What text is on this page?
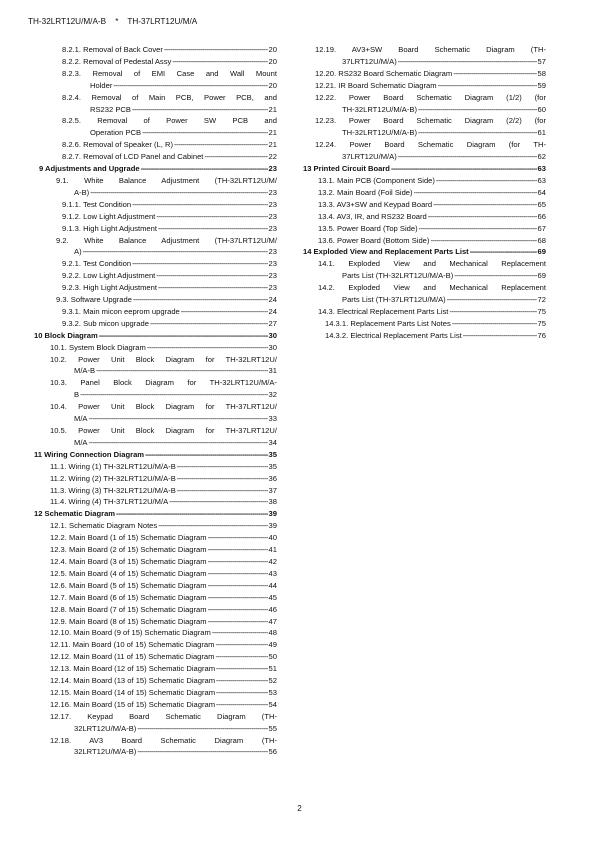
TH-32LRT12U/M/A-B    *    TH-37LRT12U/M/A
8.2.1. Removal of Back Cover -----	20
8.2.2. Removal of Pedestal Assy -----	20
8.2.3. Removal of EMI Case and Wall Mount
Holder -----	20
8.2.4. Removal of Main PCB, Power PCB, and
RS232 PCB -----	21
8.2.5. Removal of Power SW PCB and
Operation PCB -----	21
8.2.6. Removal of Speaker (L, R) -----	21
8.2.7. Removal of LCD Panel and Cabinet -----	22
9 Adjustments and Upgrade -----	23
9.1. White Balance Adjustment (TH-32LRT12U/M/
A-B) -----	23
9.1.1. Test Condition -----	23
9.1.2. Low Light Adjustment -----	23
9.1.3. High Light Adjustment -----	23
9.2. White Balance Adjustment (TH-37LRT12U/M/
A) -----	23
9.2.1. Test Condition -----	23
9.2.2. Low Light Adjustment -----	23
9.2.3. High Light Adjustment -----	23
9.3. Software Upgrade -----	24
9.3.1. Main micon eeprom upgrade -----	24
9.3.2. Sub micon upgrade -----	27
10 Block Diagram -----	30
10.1. System Block Diagram -----	30
10.2. Power Unit Block Diagram for TH-32LRT12U/
M/A-B -----	31
10.3. Panel Block Diagram for TH-32LRT12U/M/A-
B -----	32
10.4. Power Unit Block Diagram for TH-37LRT12U/
M/A -----	33
10.5. Power Unit Block Diagram for TH-37LRT12U/
M/A -----	34
11 Wiring Connection Diagram -----	35
11.1. Wiring (1) TH-32LRT12U/M/A-B -----	35
11.2. Wiring (2) TH-32LRT12U/M/A-B -----	36
11.3. Wiring (3) TH-32LRT12U/M/A-B -----	37
11.4. Wiring (4) TH-37LRT12U/M/A -----	38
12 Schematic Diagram -----	39
12.1. Schematic Diagram Notes -----	39
12.2. Main Board (1 of 15) Schematic Diagram -----	40
12.3. Main Board (2 of 15) Schematic Diagram -----	41
12.4. Main Board (3 of 15) Schematic Diagram -----	42
12.5. Main Board (4 of 15) Schematic Diagram -----	43
12.6. Main Board (5 of 15) Schematic Diagram -----	44
12.7. Main Board (6 of 15) Schematic Diagram -----	45
12.8. Main Board (7 of 15) Schematic Diagram -----	46
12.9. Main Board (8 of 15) Schematic Diagram -----	47
12.10. Main Board (9 of 15) Schematic Diagram -----	48
12.11. Main Board (10 of 15) Schematic Diagram -----	49
12.12. Main Board (11 of 15) Schematic Diagram -----	50
12.13. Main Board (12 of 15) Schematic Diagram -----	51
12.14. Main Board (13 of 15) Schematic Diagram -----	52
12.15. Main Board (14 of 15) Schematic Diagram -----	53
12.16. Main Board (15 of 15) Schematic Diagram -----	54
12.17. Keypad Board Schematic Diagram (TH-
32LRT12U/M/A-B) -----	55
12.18. AV3 Board Schematic Diagram (TH-
32LRT12U/M/A-B) -----	56
12.19. AV3+SW Board Schematic Diagram (TH-
37LRT12U/M/A) -----	57
12.20. RS232 Board Schematic Diagram -----	58
12.21. IR Board Schematic Diagram -----	59
12.22. Power Board Schematic Diagram (1/2) (for
TH-32LRT12U/M/A-B) -----	60
12.23. Power Board Schematic Diagram (2/2) (for
TH-32LRT12U/M/A-B) -----	61
12.24. Power Board Schematic Diagram (for TH-
37LRT12U/M/A) -----	62
13 Printed Circuit Board -----	63
13.1. Main PCB (Component Side) -----	63
13.2. Main Board (Foil Side) -----	64
13.3. AV3+SW and Keypad Board -----	65
13.4. AV3, IR, and RS232 Board -----	66
13.5. Power Board (Top Side) -----	67
13.6. Power Board (Bottom Side) -----	68
14 Exploded View and Replacement Parts List -----	69
14.1. Exploded View and Mechanical Replacement
Parts List (TH-32LRT12U/M/A-B) -----	69
14.2. Exploded View and Mechanical Replacement
Parts List (TH-37LRT12U/M/A) -----	72
14.3. Electrical Replacement Parts List -----	75
14.3.1. Replacement Parts List Notes -----	75
14.3.2. Electrical Replacement Parts List -----	76
2
